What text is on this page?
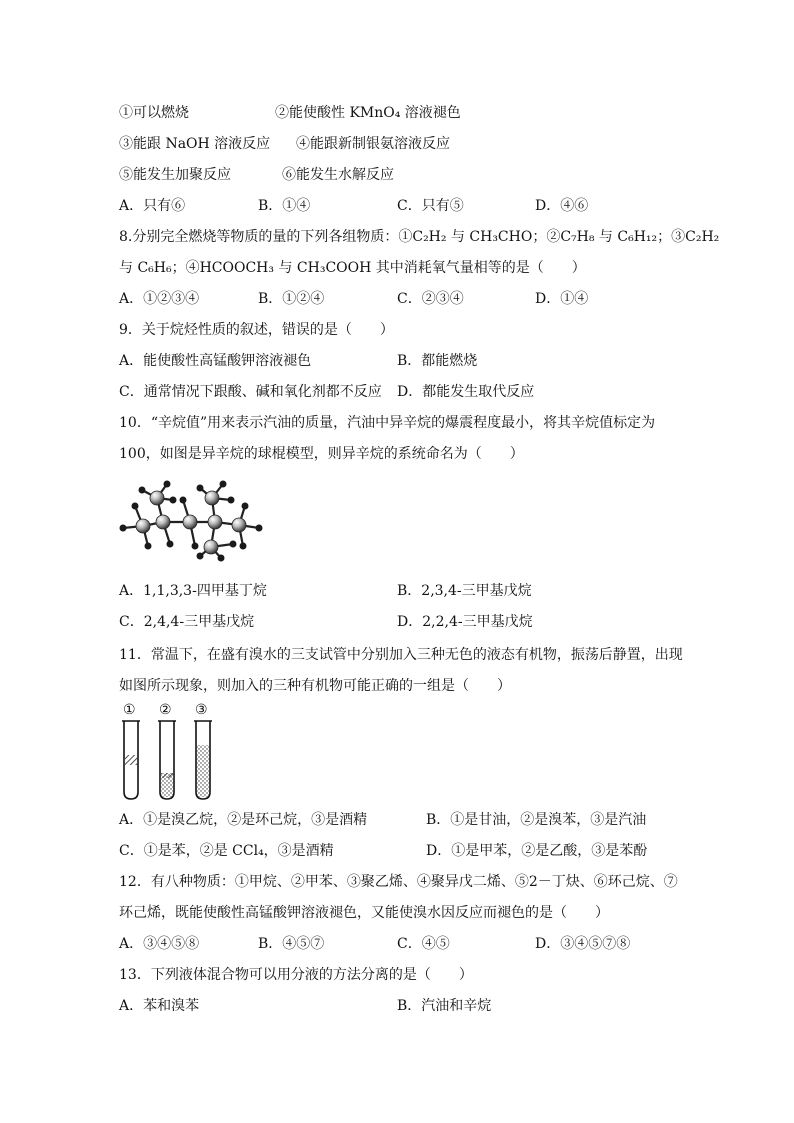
①可以燃烧	②能使酸性 KMnO₄ 溶液褪色
③能跟 NaOH 溶液反应 ④能跟新制银氨溶液反应
⑤能发生加聚反应	⑥能发生水解反应
A．只有⑥	B．①④	C．只有⑤	D．④⑥
8.分别完全燃烧等物质的量的下列各组物质：①C₂H₂ 与 CH₃CHO；②C₇H₈ 与 C₆H₁₂；③C₂H₂
与 C₆H₆；④HCOOCH₃ 与 CH₃COOH 其中消耗氧气量相等的是（　　）
A．①②③④	B．①②④	C．②③④	D．①④
9．关于烷烃性质的叙述，错误的是（　　）
A．能使酸性高锰酸钾溶液褪色	B．都能燃烧
C．通常情况下跟酸、碱和氧化剂都不反应 D．都能发生取代反应
10．“辛烷值”用来表示汽油的质量，汽油中异辛烷的爆震程度最小，将其辛烷值标定为
100，如图是异辛烷的球棍模型，则异辛烷的系统命名为（　　）
A．1,1,3,3-四甲基丁烷	B．2,3,4-三甲基戊烷
C．2,4,4-三甲基戊烷	D．2,2,4-三甲基戊烷
11．常温下，在盛有溴水的三支试管中分别加入三种无色的液态有机物，振荡后静置，出现
如图所示现象，则加入的三种有机物可能正确的一组是（　　）
① ② ③
A．①是溴乙烷，②是环己烷，③是酒精	B．①是甘油，②是溴苯，③是汽油
C．①是苯，②是 CCl₄，③是酒精	D．①是甲苯，②是乙酸，③是苯酚
12．有八种物质：①甲烷、②甲苯、③聚乙烯、④聚异戊二烯、⑤2－丁炔、⑥环己烷、⑦
环己烯，既能使酸性高锰酸钾溶液褪色，又能使溴水因反应而褪色的是（　　）
A．③④⑤⑧	B．④⑤⑦	C．④⑤	D．③④⑤⑦⑧
13．下列液体混合物可以用分液的方法分离的是（　　）
A．苯和溴苯	B．汽油和辛烷
